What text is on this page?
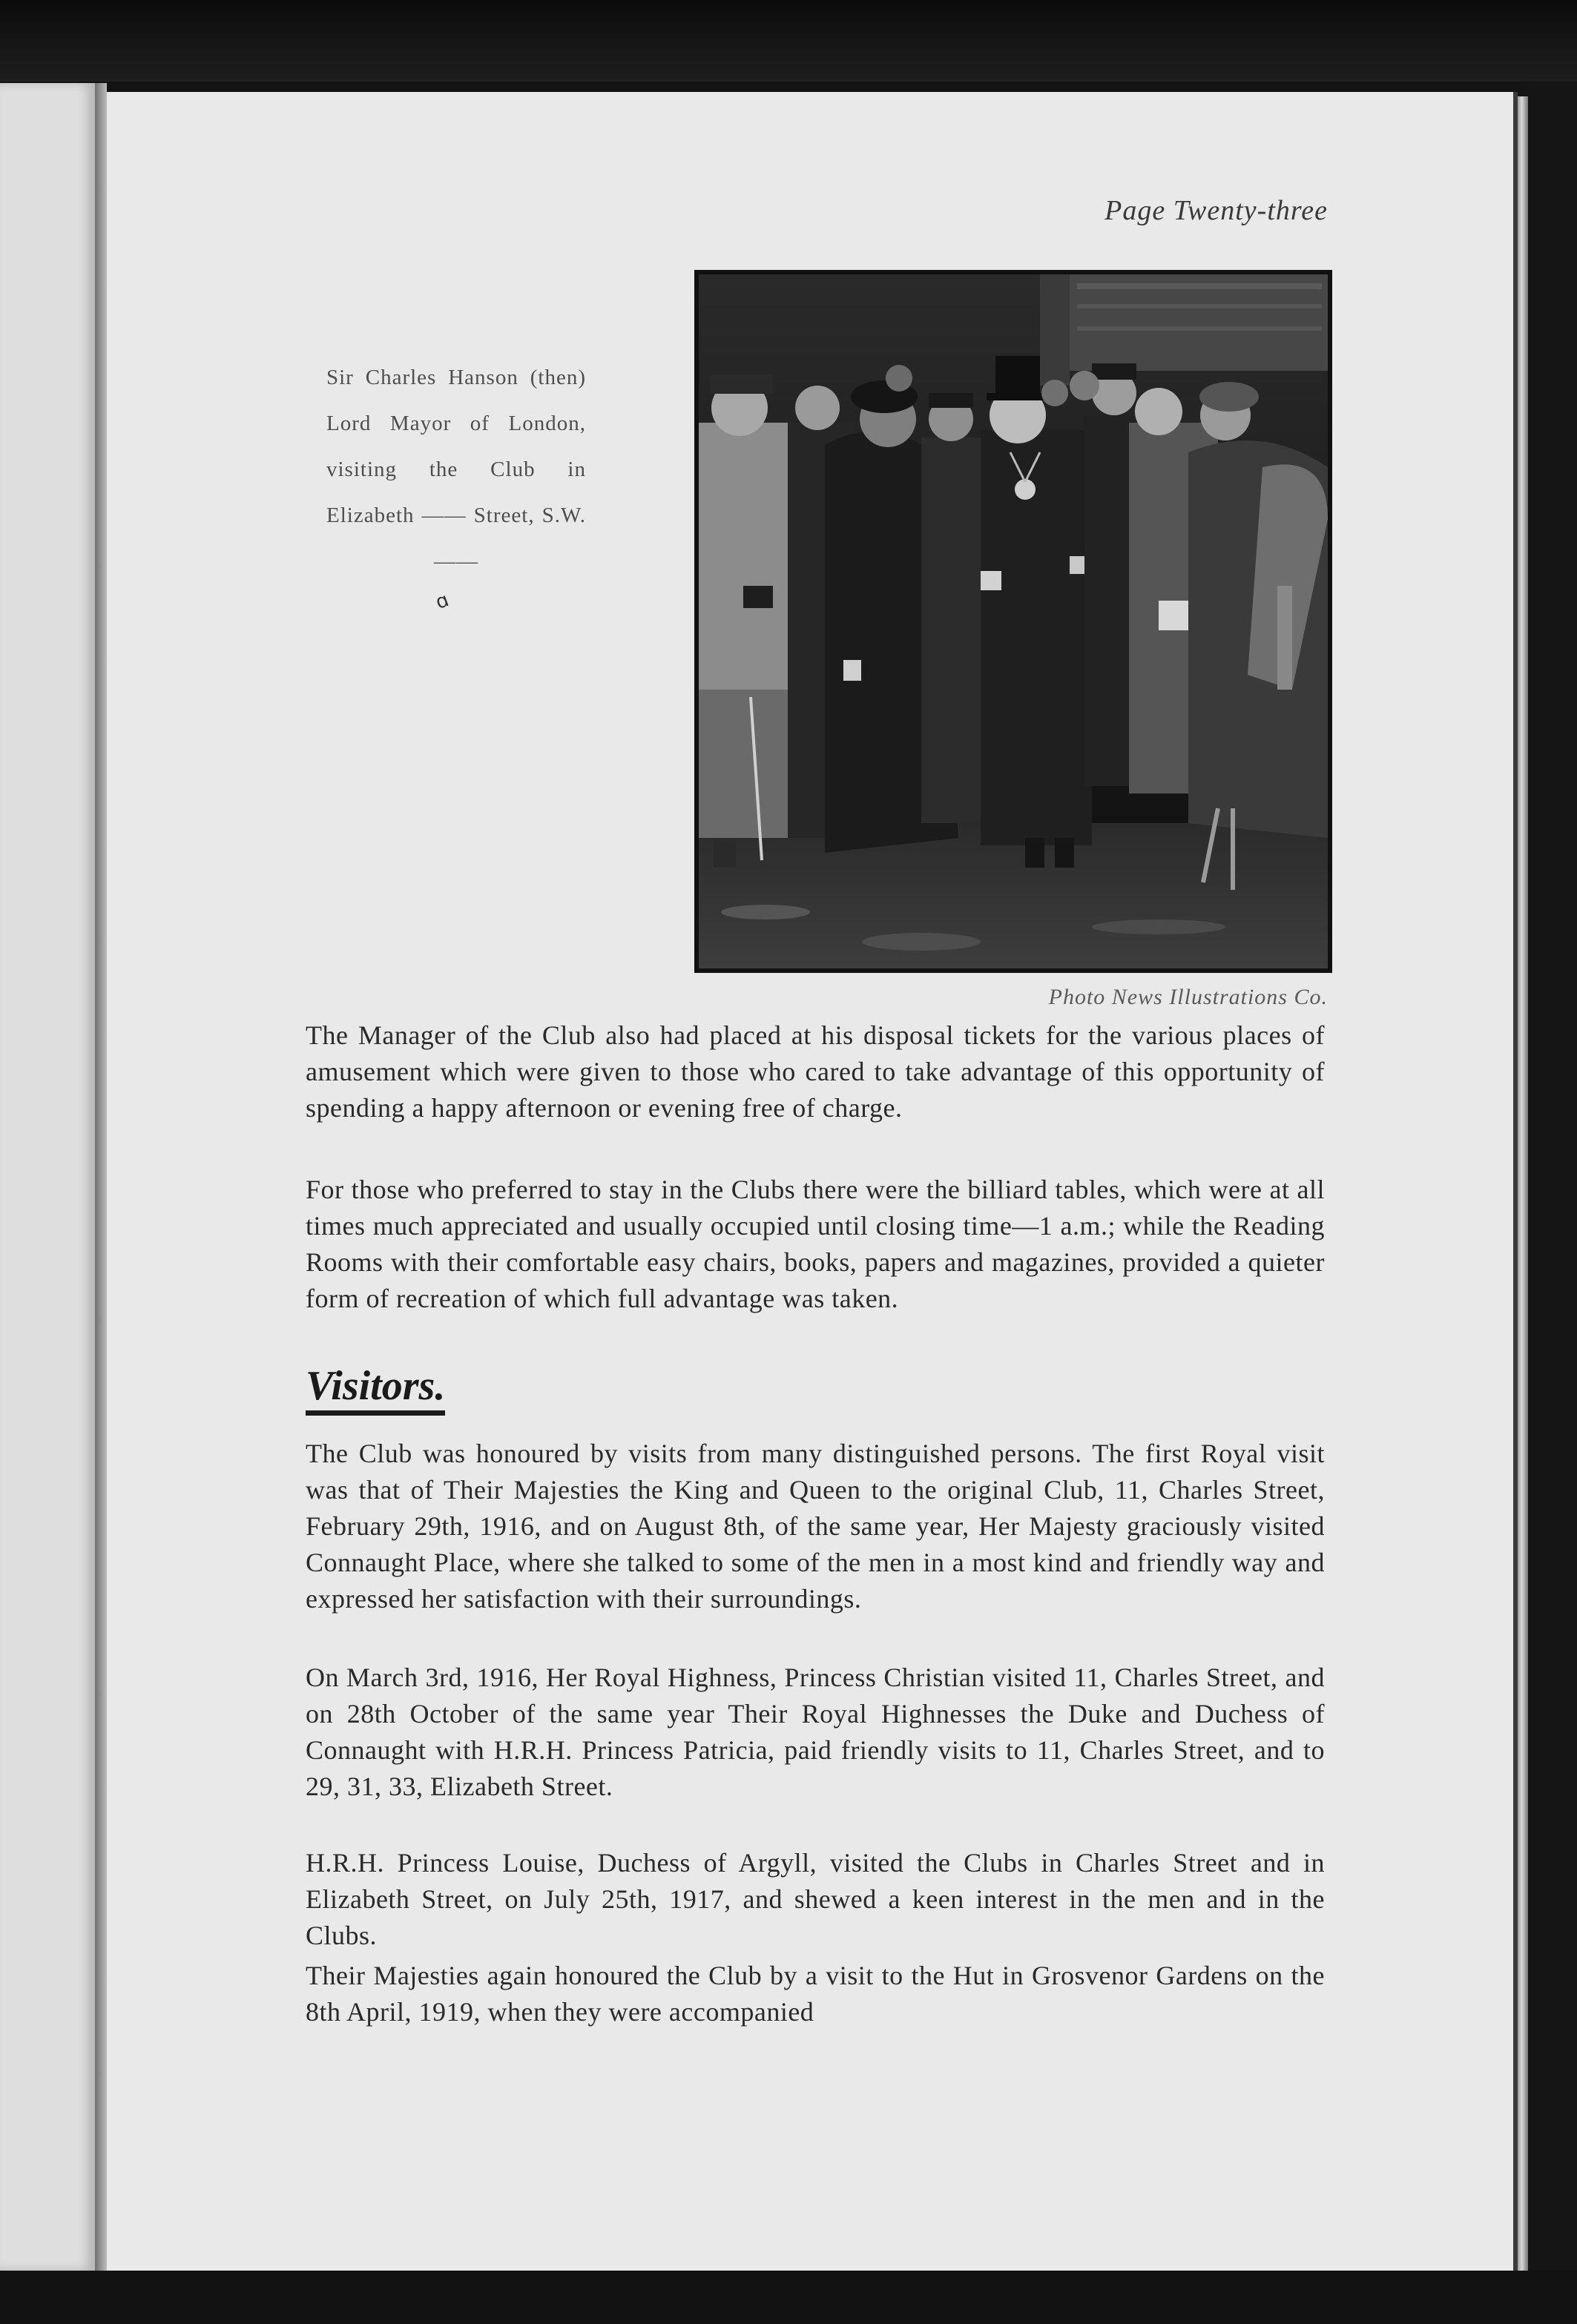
Page Twenty-three
Photo News Illustrations Co.
Sir Charles Hanson (then) Lord Mayor of London, visiting the Club in Elizabeth —— Street, S.W. ——
ɑ

The Manager of the Club also had placed at his disposal tickets for the various places of amusement which were given to those who cared to take advantage of this opportunity of spending a happy afternoon or evening free of charge.

For those who preferred to stay in the Clubs there were the billiard tables, which were at all times much appreciated and usually occupied until closing time—1 a.m.; while the Reading Rooms with their comfortable easy chairs, books, papers and magazines, provided a quieter form of recreation of which full advantage was taken.

Visitors.

The Club was honoured by visits from many distinguished persons. The first Royal visit was that of Their Majesties the King and Queen to the original Club, 11, Charles Street, February 29th, 1916, and on August 8th, of the same year, Her Majesty graciously visited Connaught Place, where she talked to some of the men in a most kind and friendly way and expressed her satisfaction with their surroundings.

On March 3rd, 1916, Her Royal Highness, Princess Christian visited 11, Charles Street, and on 28th October of the same year Their Royal Highnesses the Duke and Duchess of Connaught with H.R.H. Princess Patricia, paid friendly visits to 11, Charles Street, and to 29, 31, 33, Elizabeth Street.

H.R.H. Princess Louise, Duchess of Argyll, visited the Clubs in Charles Street and in Elizabeth Street, on July 25th, 1917, and shewed a keen interest in the men and in the Clubs.

Their Majesties again honoured the Club by a visit to the Hut in Grosvenor Gardens on the 8th April, 1919, when they were accompanied
